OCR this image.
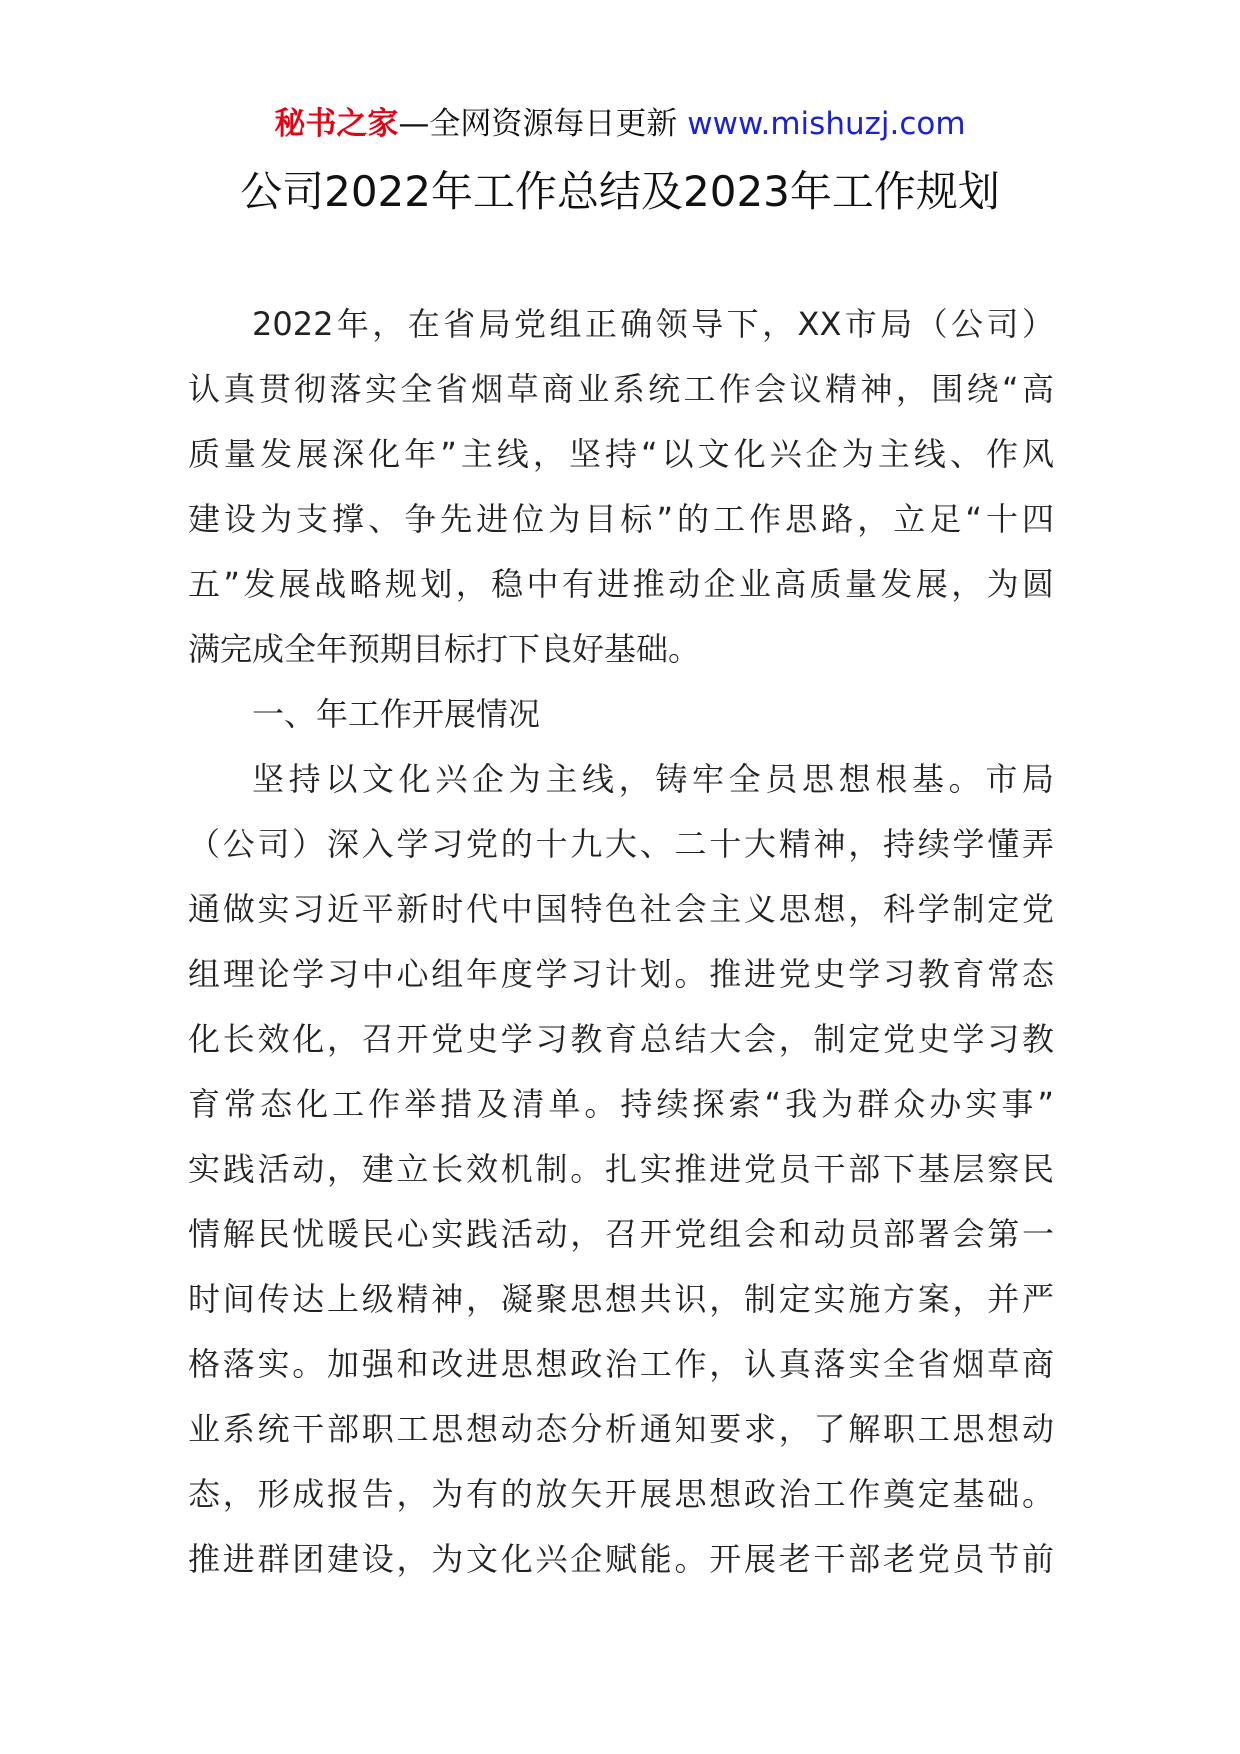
秘书之家—全网资源每日更新 www.mishuzj.com
公司2022年工作总结及2023年工作规划

2022年，在省局党组正确领导下，XX市局（公司）
认真贯彻落实全省烟草商业系统工作会议精神，围绕“高
质量发展深化年”主线，坚持“以文化兴企为主线、作风
建设为支撑、争先进位为目标”的工作思路，立足“十四
五”发展战略规划，稳中有进推动企业高质量发展，为圆
满完成全年预期目标打下良好基础。

一、年工作开展情况

坚持以文化兴企为主线，铸牢全员思想根基。市局
（公司）深入学习党的十九大、二十大精神，持续学懂弄
通做实习近平新时代中国特色社会主义思想，科学制定党
组理论学习中心组年度学习计划。推进党史学习教育常态
化长效化，召开党史学习教育总结大会，制定党史学习教
育常态化工作举措及清单。持续探索“我为群众办实事”
实践活动，建立长效机制。扎实推进党员干部下基层察民
情解民忧暖民心实践活动，召开党组会和动员部署会第一
时间传达上级精神，凝聚思想共识，制定实施方案，并严
格落实。加强和改进思想政治工作，认真落实全省烟草商
业系统干部职工思想动态分析通知要求，了解职工思想动
态，形成报告，为有的放矢开展思想政治工作奠定基础。
推进群团建设，为文化兴企赋能。开展老干部老党员节前
